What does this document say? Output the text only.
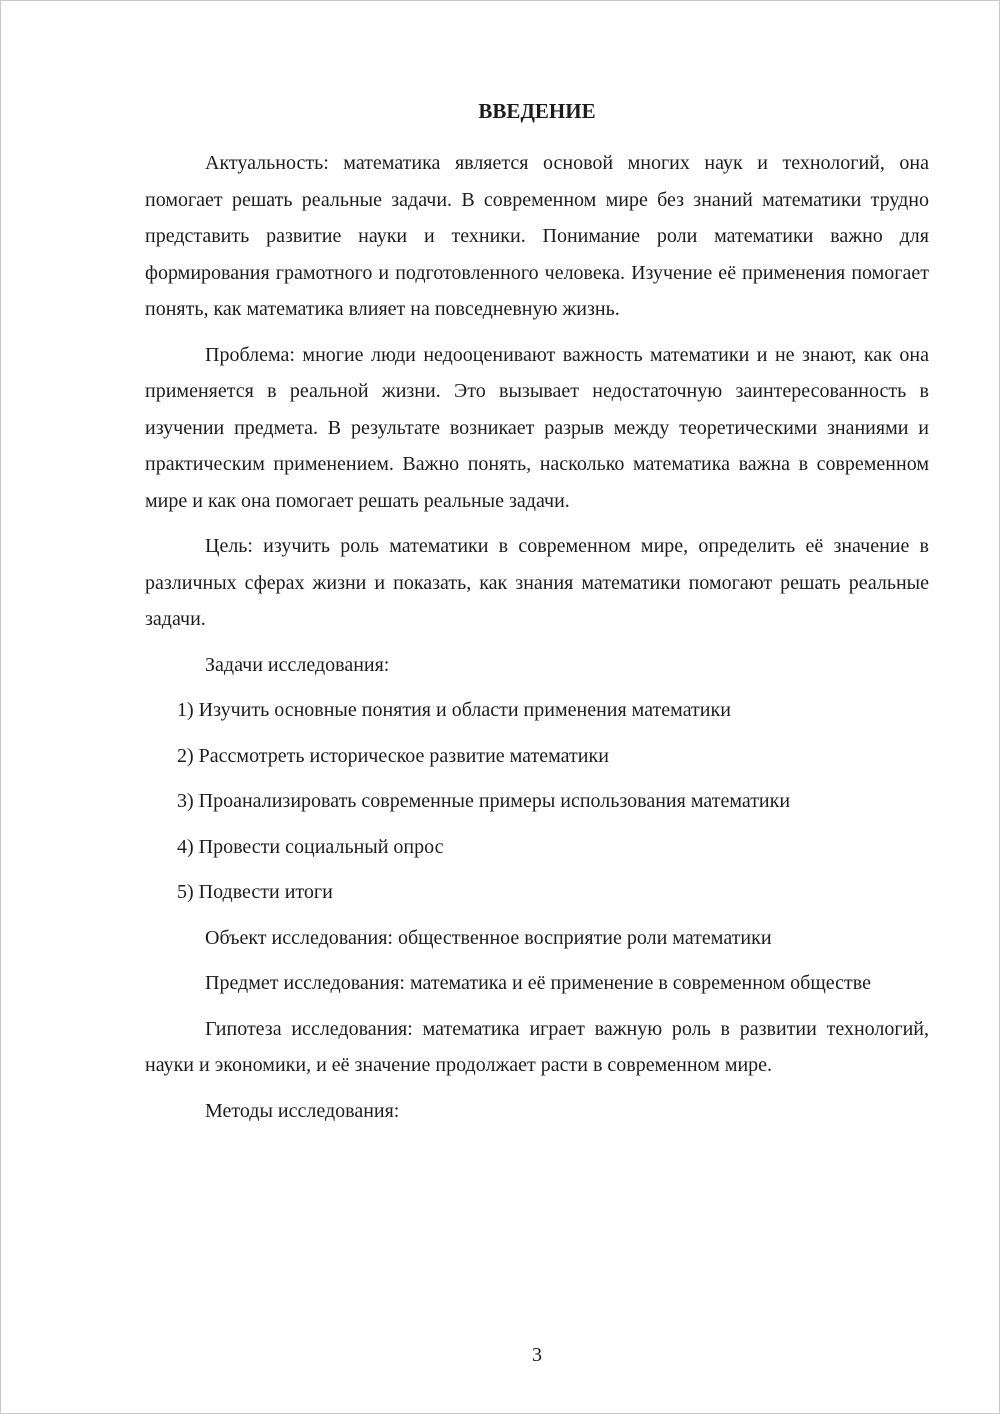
ВВЕДЕНИЕ

Актуальность: математика является основой многих наук и технологий, она помогает решать реальные задачи. В современном мире без знаний математики трудно представить развитие науки и техники. Понимание роли математики важно для формирования грамотного и подготовленного человека. Изучение её применения помогает понять, как математика влияет на повседневную жизнь.

Проблема: многие люди недооценивают важность математики и не знают, как она применяется в реальной жизни. Это вызывает недостаточную заинтересованность в изучении предмета. В результате возникает разрыв между теоретическими знаниями и практическим применением. Важно понять, насколько математика важна в современном мире и как она помогает решать реальные задачи.

Цель: изучить роль математики в современном мире, определить её значение в различных сферах жизни и показать, как знания математики помогают решать реальные задачи.

Задачи исследования:

1) Изучить основные понятия и области применения математики

2) Рассмотреть историческое развитие математики

3) Проанализировать современные примеры использования математики

4) Провести социальный опрос

5) Подвести итоги

Объект исследования: общественное восприятие роли математики

Предмет исследования: математика и её применение в современном обществе

Гипотеза исследования: математика играет важную роль в развитии технологий, науки и экономики, и её значение продолжает расти в современном мире.

Методы исследования:

3
